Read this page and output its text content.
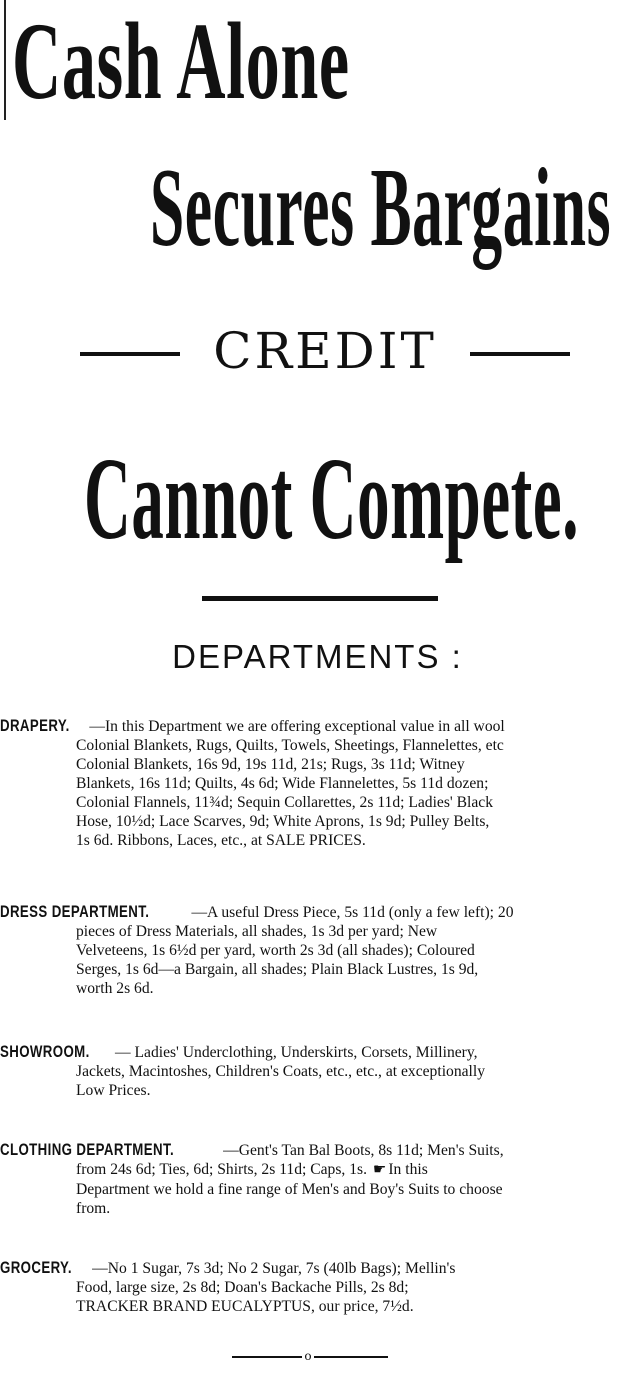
Cash Alone
Secures Bargains
CREDIT
Cannot Compete.
DEPARTMENTS :

DRAPERY. —In this Department we are offering exceptional value in all wool
Colonial Blankets, Rugs, Quilts, Towels, Sheetings, Flannelettes, etc
Colonial Blankets, 16s 9d, 19s 11d, 21s; Rugs, 3s 11d; Witney
Blankets, 16s 11d; Quilts, 4s 6d; Wide Flannelettes, 5s 11d dozen;
Colonial Flannels, 11¾d; Sequin Collarettes, 2s 11d; Ladies' Black
Hose, 10½d; Lace Scarves, 9d; White Aprons, 1s 9d; Pulley Belts,
1s 6d. Ribbons, Laces, etc., at SALE PRICES.

DRESS DEPARTMENT.	—A useful Dress Piece, 5s 11d (only a few left); 20
pieces of Dress Materials, all shades, 1s 3d per yard; New
Velveteens, 1s 6½d per yard, worth 2s 3d (all shades); Coloured
Serges, 1s 6d—a Bargain, all shades; Plain Black Lustres, 1s 9d,
worth 2s 6d.

SHOWROOM. — Ladies' Underclothing, Underskirts, Corsets, Millinery,
Jackets, Macintoshes, Children's Coats, etc., etc., at exceptionally
Low Prices.

CLOTHING DEPARTMENT.	—Gent's Tan Bal Boots, 8s 11d; Men's Suits,
from 24s 6d; Ties, 6d; Shirts, 2s 11d; Caps, 1s. ☛ In this
Department we hold a fine range of Men's and Boy's Suits to choose
from.

GROCERY. —No 1 Sugar, 7s 3d; No 2 Sugar, 7s (40lb Bags); Mellin's
Food, large size, 2s 8d; Doan's Backache Pills, 2s 8d;
TRACKER BRAND EUCALYPTUS, our price, 7½d.

o
